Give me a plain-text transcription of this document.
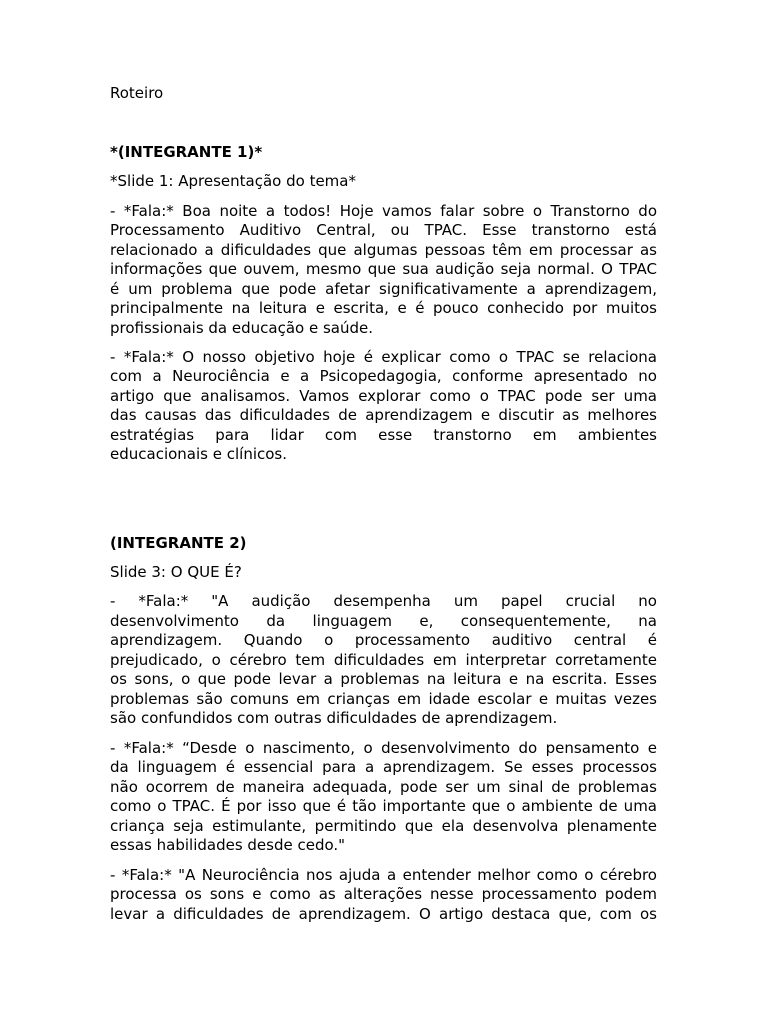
Roteiro
*(INTEGRANTE 1)*
*Slide 1: Apresentação do tema*
- *Fala:* Boa noite a todos! Hoje vamos falar sobre o Transtorno do
Processamento Auditivo Central, ou TPAC. Esse transtorno está
relacionado a dificuldades que algumas pessoas têm em processar as
informações que ouvem, mesmo que sua audição seja normal. O TPAC
é um problema que pode afetar significativamente a aprendizagem,
principalmente na leitura e escrita, e é pouco conhecido por muitos
profissionais da educação e saúde.
- *Fala:* O nosso objetivo hoje é explicar como o TPAC se relaciona
com a Neurociência e a Psicopedagogia, conforme apresentado no
artigo que analisamos. Vamos explorar como o TPAC pode ser uma
das causas das dificuldades de aprendizagem e discutir as melhores
estratégias para lidar com esse transtorno em ambientes
educacionais e clínicos.
(INTEGRANTE 2)
Slide 3: O QUE É?
- *Fala:* "A audição desempenha um papel crucial no
desenvolvimento da linguagem e, consequentemente, na
aprendizagem. Quando o processamento auditivo central é
prejudicado, o cérebro tem dificuldades em interpretar corretamente
os sons, o que pode levar a problemas na leitura e na escrita. Esses
problemas são comuns em crianças em idade escolar e muitas vezes
são confundidos com outras dificuldades de aprendizagem.
- *Fala:* “Desde o nascimento, o desenvolvimento do pensamento e
da linguagem é essencial para a aprendizagem. Se esses processos
não ocorrem de maneira adequada, pode ser um sinal de problemas
como o TPAC. É por isso que é tão importante que o ambiente de uma
criança seja estimulante, permitindo que ela desenvolva plenamente
essas habilidades desde cedo."
- *Fala:* "A Neurociência nos ajuda a entender melhor como o cérebro
processa os sons e como as alterações nesse processamento podem
levar a dificuldades de aprendizagem. O artigo destaca que, com os
